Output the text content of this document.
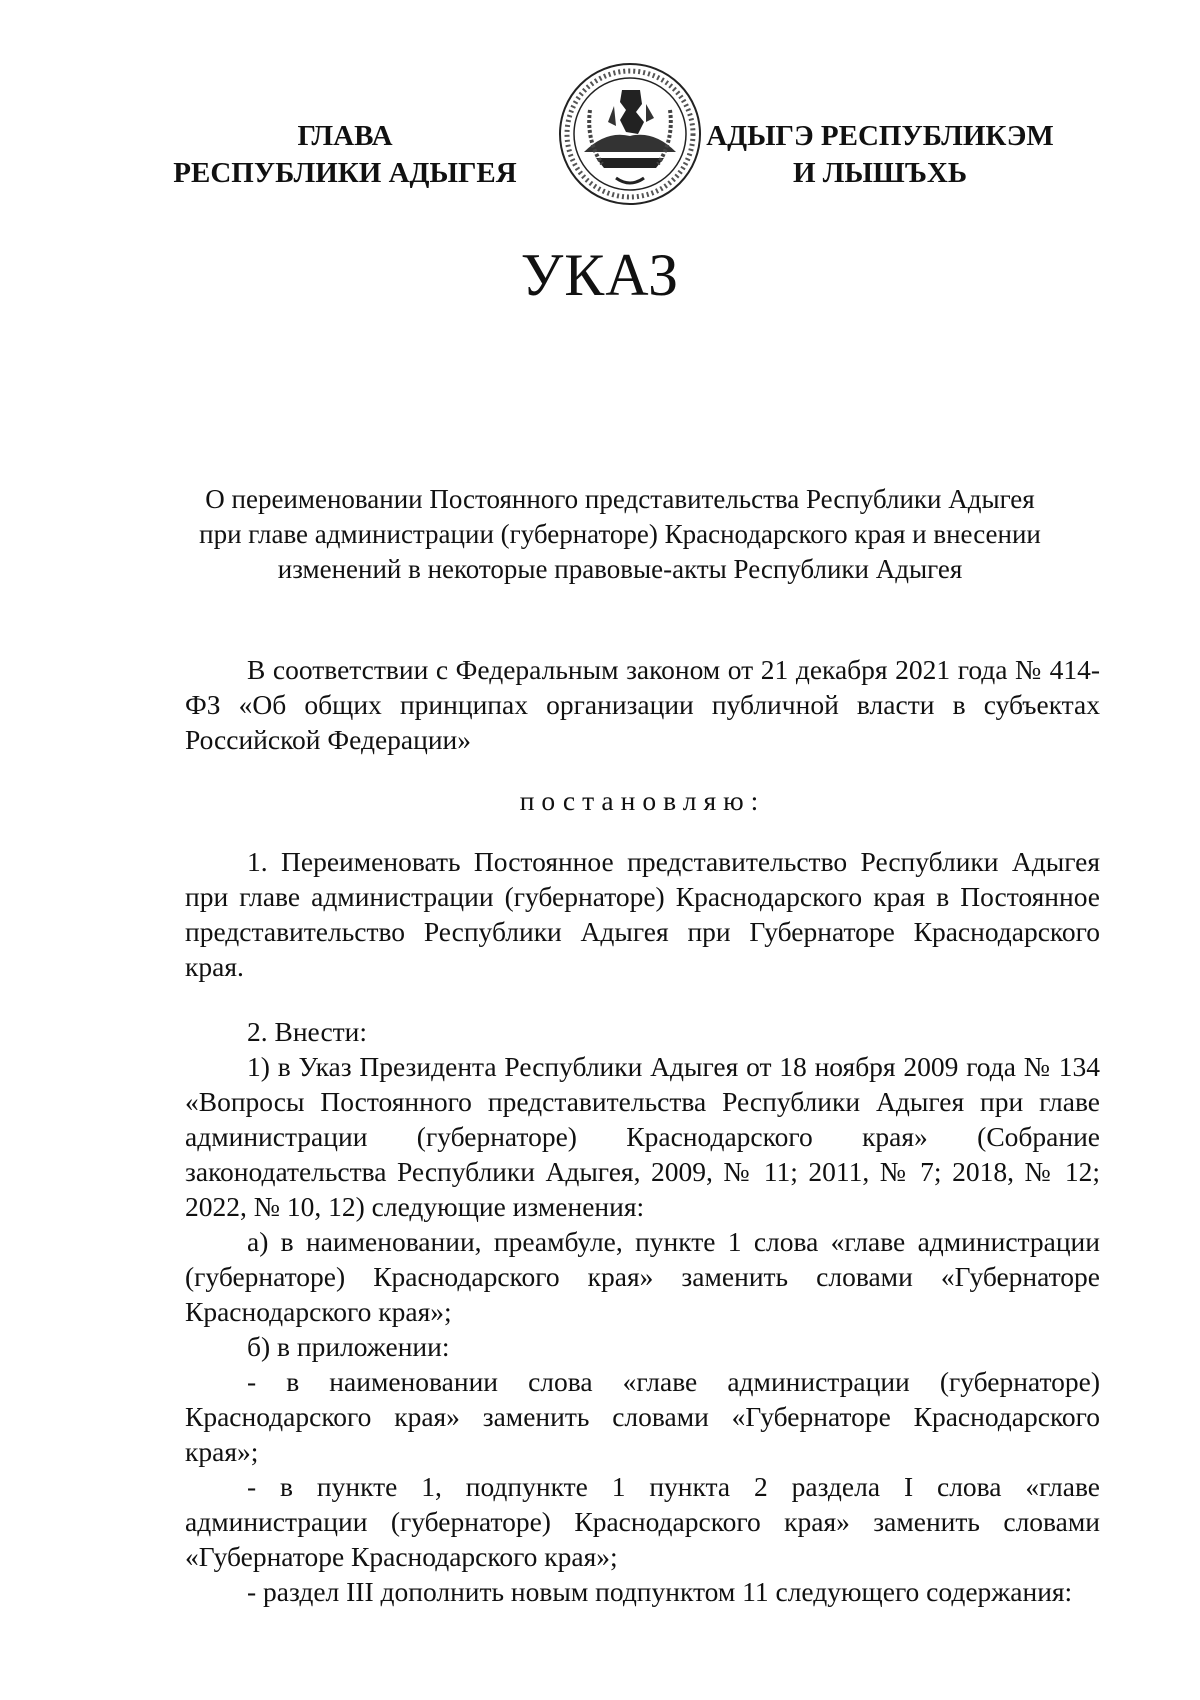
ГЛАВА
РЕСПУБЛИКИ АДЫГЕЯ
АДЫГЭ РЕСПУБЛИКЭМ
И ЛЫШЪХЬ
УКАЗ
О переименовании Постоянного представительства Республики Адыгея
при главе администрации (губернаторе) Краснодарского края и внесении
изменений в некоторые правовые-акты Республики Адыгея

В соответствии с Федеральным законом от 21 декабря 2021 года № 414-ФЗ «Об общих принципах организации публичной власти в субъектах Российской Федерации»

постановляю:

1. Переименовать Постоянное представительство Республики Адыгея при главе администрации (губернаторе) Краснодарского края в Постоянное представительство Республики Адыгея при Губернаторе Краснодарского края.

2. Внести:

1) в Указ Президента Республики Адыгея от 18 ноября 2009 года № 134 «Вопросы Постоянного представительства Республики Адыгея при главе администрации (губернаторе) Краснодарского края» (Собрание законодательства Республики Адыгея, 2009, № 11; 2011, № 7; 2018, № 12; 2022, № 10, 12) следующие изменения:

а) в наименовании, преамбуле, пункте 1 слова «главе администрации (губернаторе) Краснодарского края» заменить словами «Губернаторе Краснодарского края»;

б) в приложении:

- в наименовании слова «главе администрации (губернаторе) Краснодарского края» заменить словами «Губернаторе Краснодарского края»;

- в пункте 1, подпункте 1 пункта 2 раздела I слова «главе администрации (губернаторе) Краснодарского края» заменить словами «Губернаторе Краснодарского края»;

- раздел III дополнить новым подпунктом 11 следующего содержания:
